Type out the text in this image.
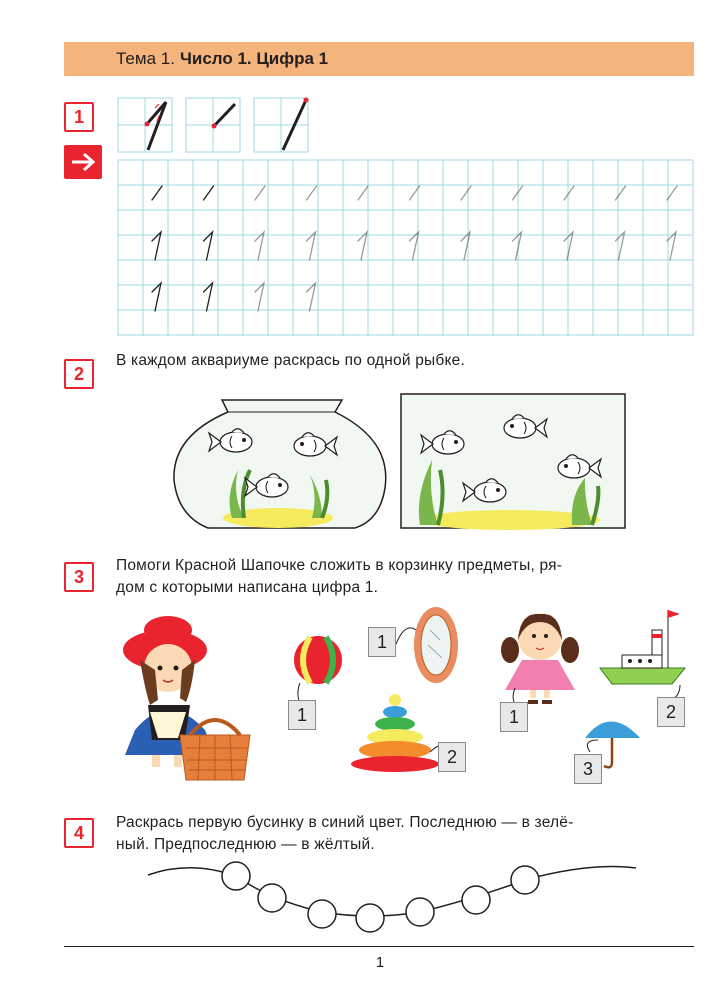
Тема 1. Число 1. Цифра 1
1
2
В каждом аквариуме раскрась по одной рыбке.
3
Помоги Красной Шапочке сложить в корзинку предметы, ря-
дом с которыми написана цифра 1.
1
1
2
1	2
3
4	Раскрась первую бусинку в синий цвет. Последнюю — в зелё-
ный. Предпоследнюю — в жёлтый.
1
